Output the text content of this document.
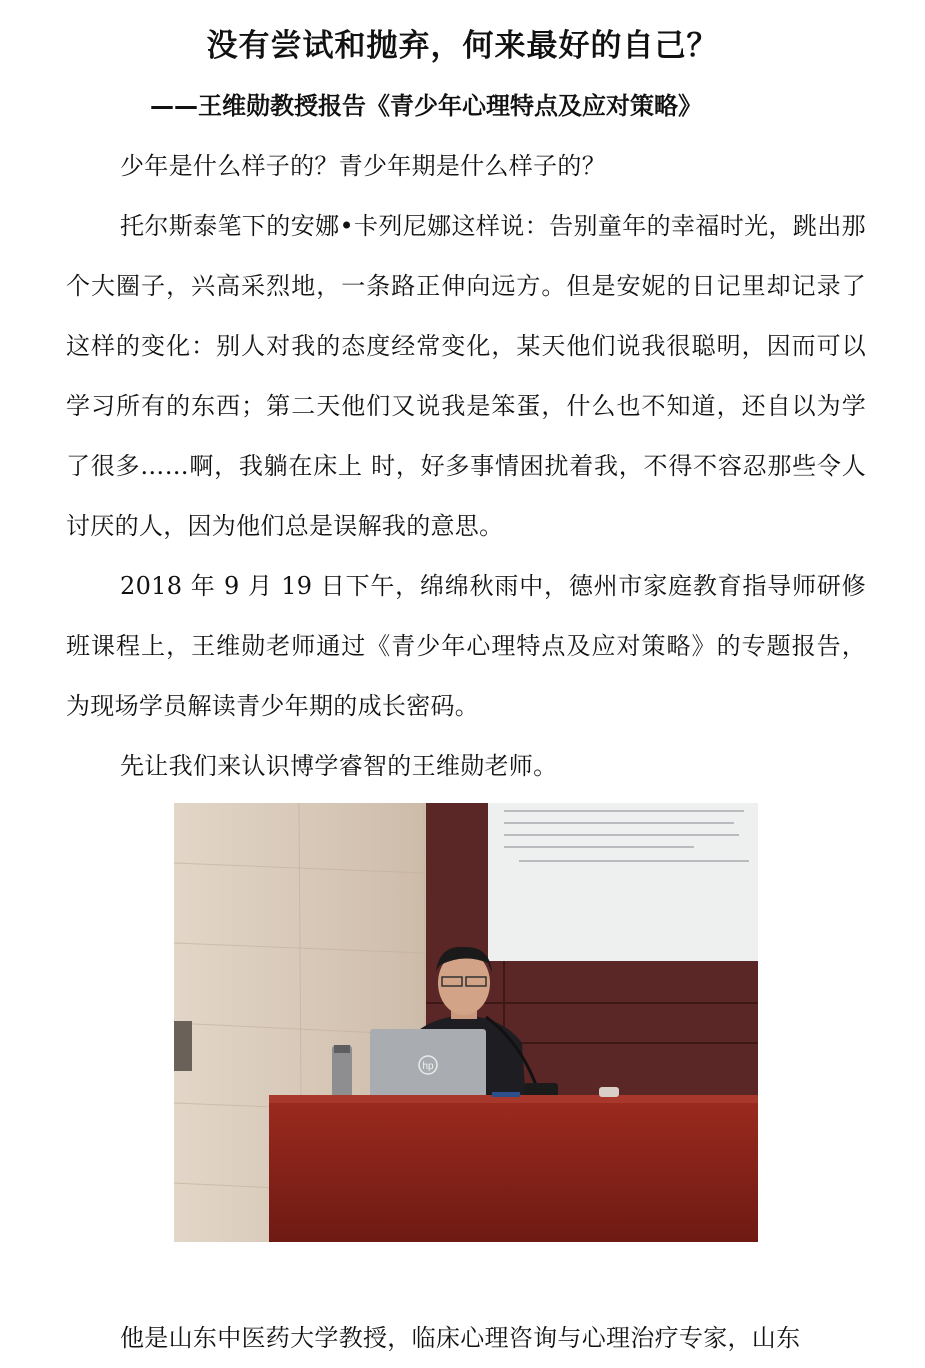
没有尝试和抛弃，何来最好的自己？
——王维勋教授报告《青少年心理特点及应对策略》

少年是什么样子的？青少年期是什么样子的？

托尔斯泰笔下的安娜•卡列尼娜这样说：告别童年的幸福时光，跳出那个大圈子，兴高采烈地，一条路正伸向远方。但是安妮的日记里却记录了这样的变化：别人对我的态度经常变化，某天他们说我很聪明，因而可以学习所有的东西；第二天他们又说我是笨蛋，什么也不知道，还自以为学了很多……啊，我躺在床上 时，好多事情困扰着我，不得不容忍那些令人讨厌的人，因为他们总是误解我的意思。

2018 年 9 月 19 日下午，绵绵秋雨中，德州市家庭教育指导师研修班课程上，王维勋老师通过《青少年心理特点及应对策略》的专题报告，为现场学员解读青少年期的成长密码。

先让我们来认识博学睿智的王维勋老师。

hp

他是山东中医药大学教授，临床心理咨询与心理治疗专家，山东
